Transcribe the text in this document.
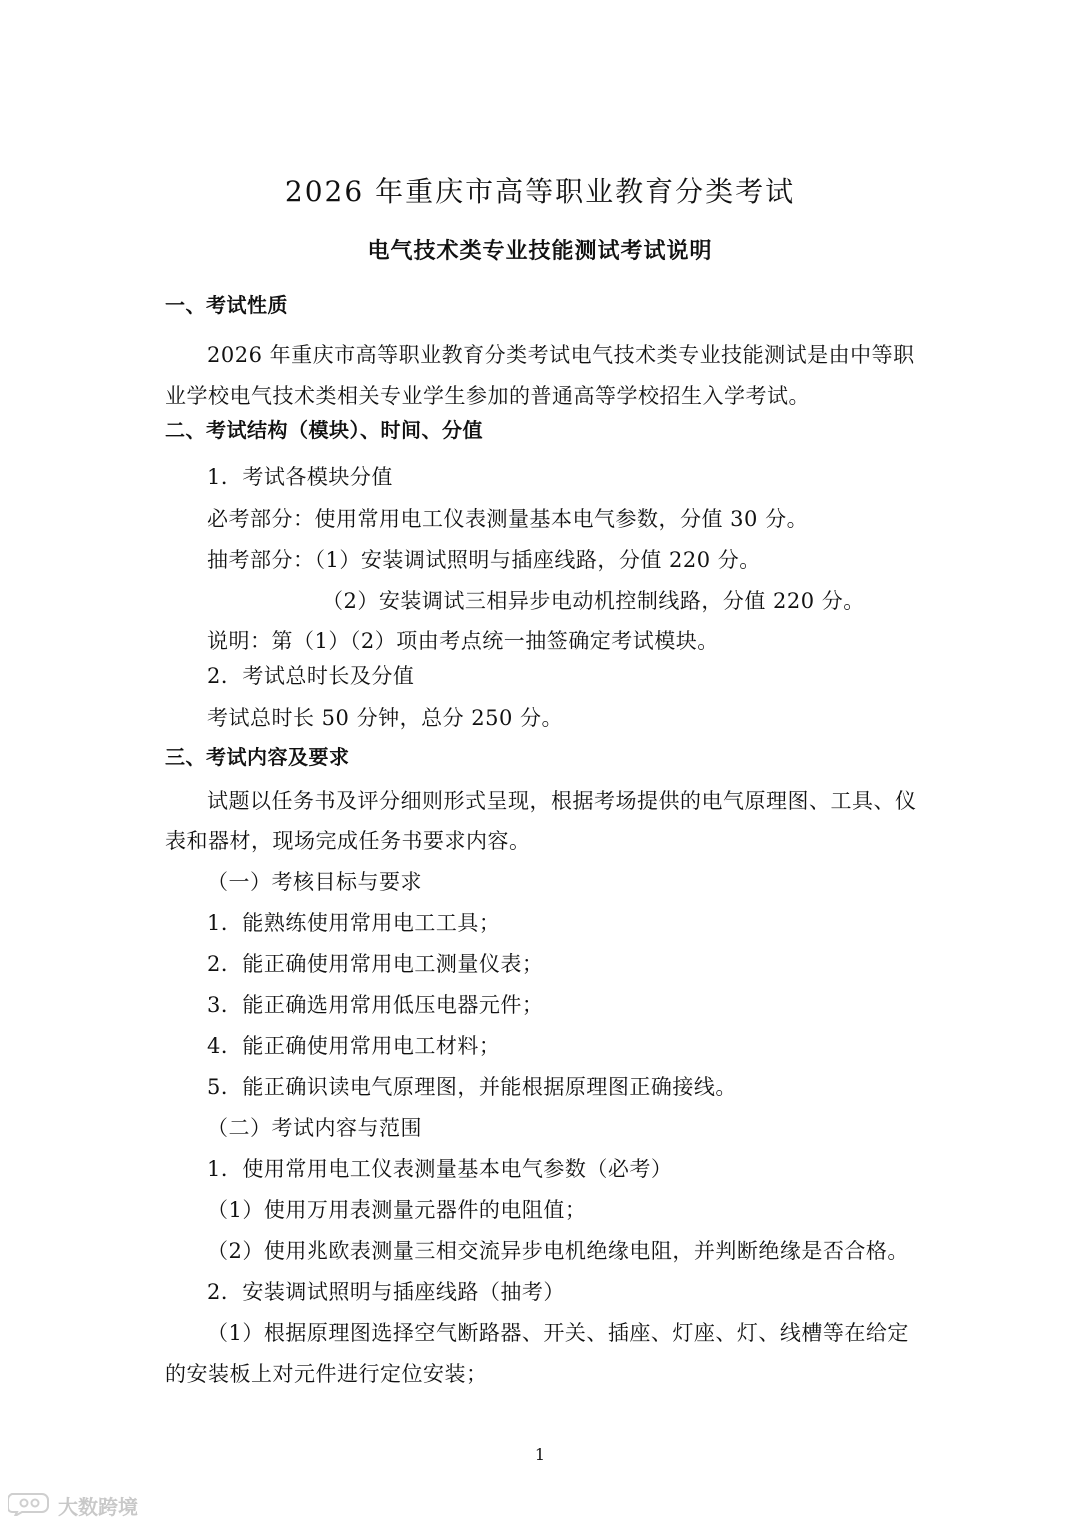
2026 年重庆市高等职业教育分类考试
电气技术类专业技能测试考试说明
一、考试性质
2026 年重庆市高等职业教育分类考试电气技术类专业技能测试是由中等职
业学校电气技术类相关专业学生参加的普通高等学校招生入学考试。
二、考试结构（模块）、时间、分值
1．考试各模块分值
必考部分：使用常用电工仪表测量基本电气参数，分值 30 分。
抽考部分：（1）安装调试照明与插座线路，分值 220 分。
（2）安装调试三相异步电动机控制线路，分值 220 分。
说明：第（1）（2）项由考点统一抽签确定考试模块。
2．考试总时长及分值
考试总时长 50 分钟，总分 250 分。
三、考试内容及要求
试题以任务书及评分细则形式呈现，根据考场提供的电气原理图、工具、仪
表和器材，现场完成任务书要求内容。
（一）考核目标与要求
1．能熟练使用常用电工工具；
2．能正确使用常用电工测量仪表；
3．能正确选用常用低压电器元件；
4．能正确使用常用电工材料；
5．能正确识读电气原理图，并能根据原理图正确接线。
（二）考试内容与范围
1．使用常用电工仪表测量基本电气参数（必考）
（1）使用万用表测量元器件的电阻值；
（2）使用兆欧表测量三相交流异步电机绝缘电阻，并判断绝缘是否合格。
2．安装调试照明与插座线路（抽考）
（1）根据原理图选择空气断路器、开关、插座、灯座、灯、线槽等在给定
的安装板上对元件进行定位安装；
1
大数跨境
